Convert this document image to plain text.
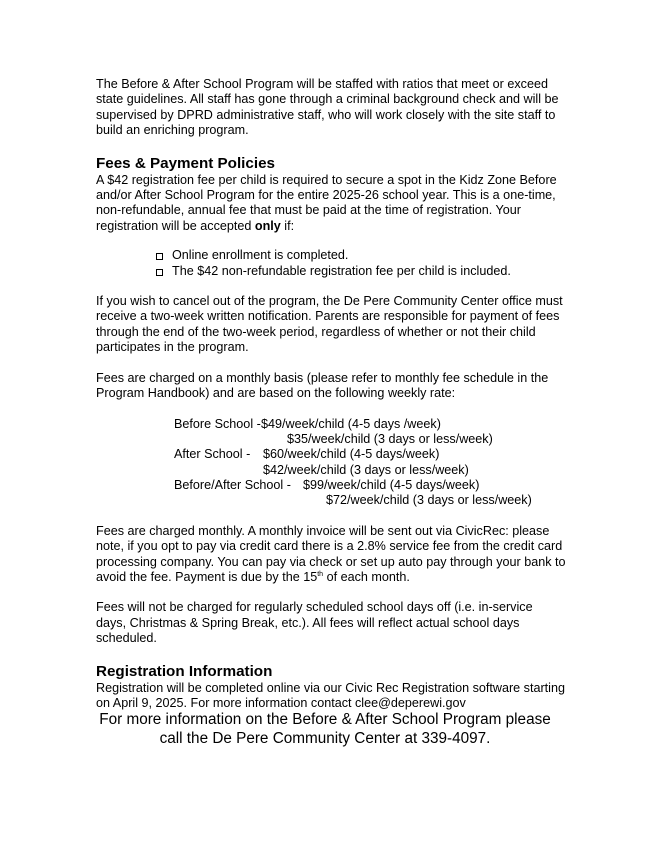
The Before & After School Program will be staffed with ratios that meet or exceed state guidelines. All staff has gone through a criminal background check and will be supervised by DPRD administrative staff, who will work closely with the site staff to build an enriching program.

Fees & Payment Policies

A $42 registration fee per child is required to secure a spot in the Kidz Zone Before and/or After School Program for the entire 2025-26 school year. This is a one-time, non-refundable, annual fee that must be paid at the time of registration. Your registration will be accepted only if:

Online enrollment is completed.
The $42 non-refundable registration fee per child is included.

If you wish to cancel out of the program, the De Pere Community Center office must receive a two-week written notification. Parents are responsible for payment of fees through the end of the two-week period, regardless of whether or not their child participates in the program.

Fees are charged on a monthly basis (please refer to monthly fee schedule in the Program Handbook) and are based on the following weekly rate:

Before School - $49/week/child (4-5 days /week)
$35/week/child (3 days or less/week)
After School - $60/week/child (4-5 days/week)
$42/week/child (3 days or less/week)
Before/After School - $99/week/child (4-5 days/week)
$72/week/child (3 days or less/week)

Fees are charged monthly. A monthly invoice will be sent out via CivicRec: please note, if you opt to pay via credit card there is a 2.8% service fee from the credit card processing company. You can pay via check or set up auto pay through your bank to avoid the fee. Payment is due by the 15th of each month.

Fees will not be charged for regularly scheduled school days off (i.e. in-service days, Christmas & Spring Break, etc.). All fees will reflect actual school days scheduled.

Registration Information

Registration will be completed online via our Civic Rec Registration software starting on April 9, 2025. For more information contact clee@deperewi.gov

For more information on the Before & After School Program please
call the De Pere Community Center at 339-4097.
